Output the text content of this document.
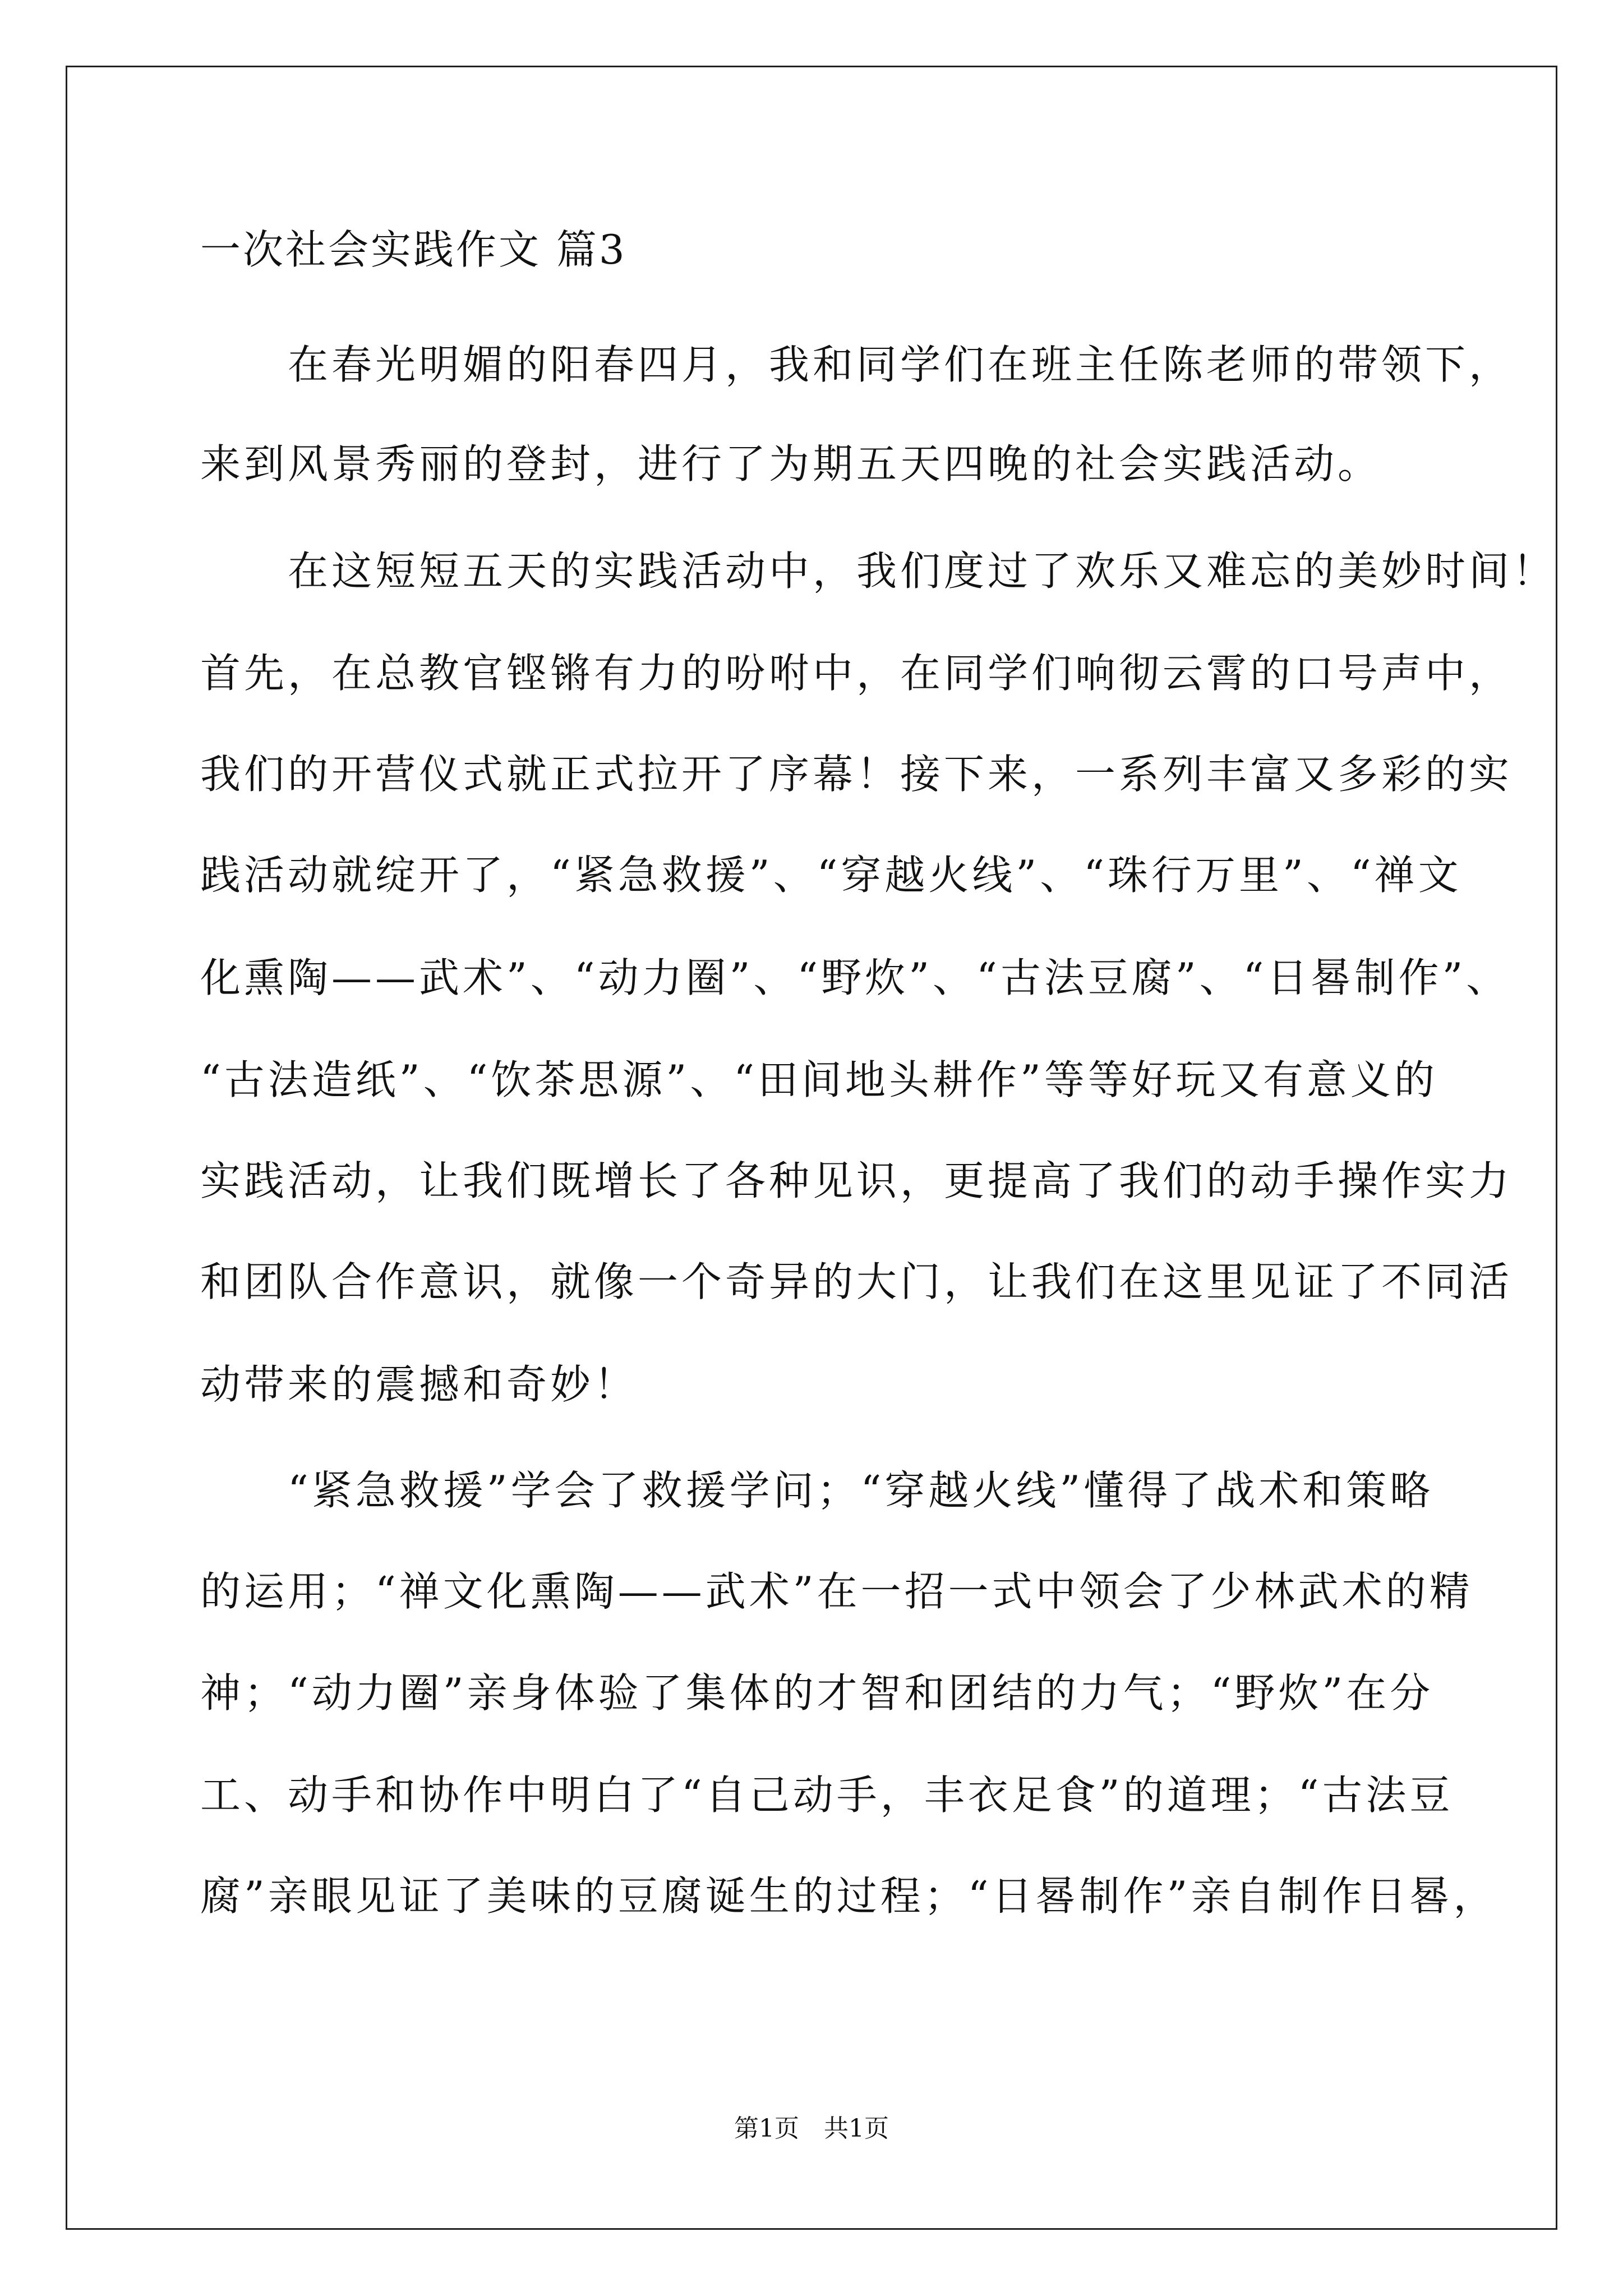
一次社会实践作文 篇3
　　在春光明媚的阳春四月，我和同学们在班主任陈老师的带领下，
来到风景秀丽的登封，进行了为期五天四晚的社会实践活动。
　　在这短短五天的实践活动中，我们度过了欢乐又难忘的美妙时间！
首先，在总教官铿锵有力的吩咐中，在同学们响彻云霄的口号声中，
我们的开营仪式就正式拉开了序幕！接下来，一系列丰富又多彩的实
践活动就绽开了，“紧急救援”、“穿越火线”、“珠行万里”、“禅文
化熏陶——武术”、“动力圈”、“野炊”、“古法豆腐”、“日晷制作”、
“古法造纸”、“饮茶思源”、“田间地头耕作”等等好玩又有意义的
实践活动，让我们既增长了各种见识，更提高了我们的动手操作实力
和团队合作意识，就像一个奇异的大门，让我们在这里见证了不同活
动带来的震撼和奇妙！
　　“紧急救援”学会了救援学问；“穿越火线”懂得了战术和策略
的运用；“禅文化熏陶——武术”在一招一式中领会了少林武术的精
神；“动力圈”亲身体验了集体的才智和团结的力气；“野炊”在分
工、动手和协作中明白了“自己动手，丰衣足食”的道理；“古法豆
腐”亲眼见证了美味的豆腐诞生的过程；“日晷制作”亲自制作日晷，
第1页　共1页
